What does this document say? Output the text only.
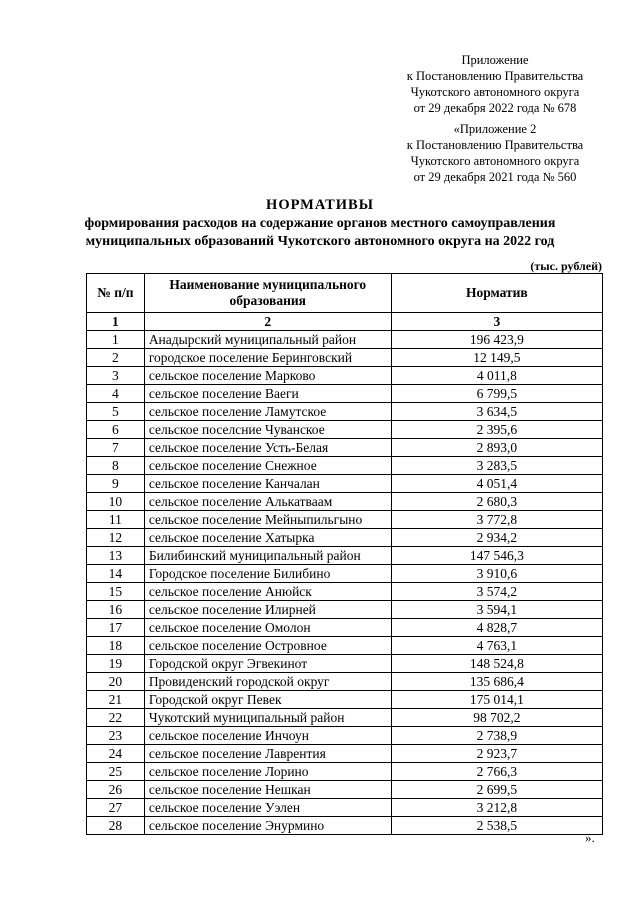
Приложение
к Постановлению Правительства
Чукотского автономного округа
от 29 декабря 2022 года № 678
«Приложение 2
к Постановлению Правительства
Чукотского автономного округа
от 29 декабря 2021 года № 560
НОРМАТИВЫ
формирования расходов на содержание органов местного самоуправления
муниципальных образований Чукотского автономного округа на 2022 год
(тыс. рублей)
№ п/п	Наименование муниципального образования	Норматив
1	2	3
1	Анадырский муниципальный район	196 423,9
2	городское поселение Беринговский	12 149,5
3	сельское поселение Марково	4 011,8
4	сельское поселение Ваеги	6 799,5
5	сельское поселение Ламутское	3 634,5
6	сельское поселсние Чуванское	2 395,6
7	сельское поселение Усть-Белая	2 893,0
8	сельское поселение Снежное	3 283,5
9	сельское поселение Канчалан	4 051,4
10	сельское поселение Алькатваам	2 680,3
11	сельское поселение Мейныпильгыно	3 772,8
12	сельское поселение Хатырка	2 934,2
13	Билибинский муниципальный район	147 546,3
14	Городское поселение Билибино	3 910,6
15	сельское поселение Анюйск	3 574,2
16	сельское поселение Илирней	3 594,1
17	сельское поселение Омолон	4 828,7
18	сельское поселение Островное	4 763,1
19	Городской округ Эгвекинот	148 524,8
20	Провиденский городской округ	135 686,4
21	Городской округ Певек	175 014,1
22	Чукотский муниципальный район	98 702,2
23	сельское поселение Инчоун	2 738,9
24	сельское поселение Лаврентия	2 923,7
25	сельское поселение Лорино	2 766,3
26	сельское поселение Нешкан	2 699,5
27	сельское поселение Уэлен	3 212,8
28	сельское поселение Энурмино	2 538,5
».
